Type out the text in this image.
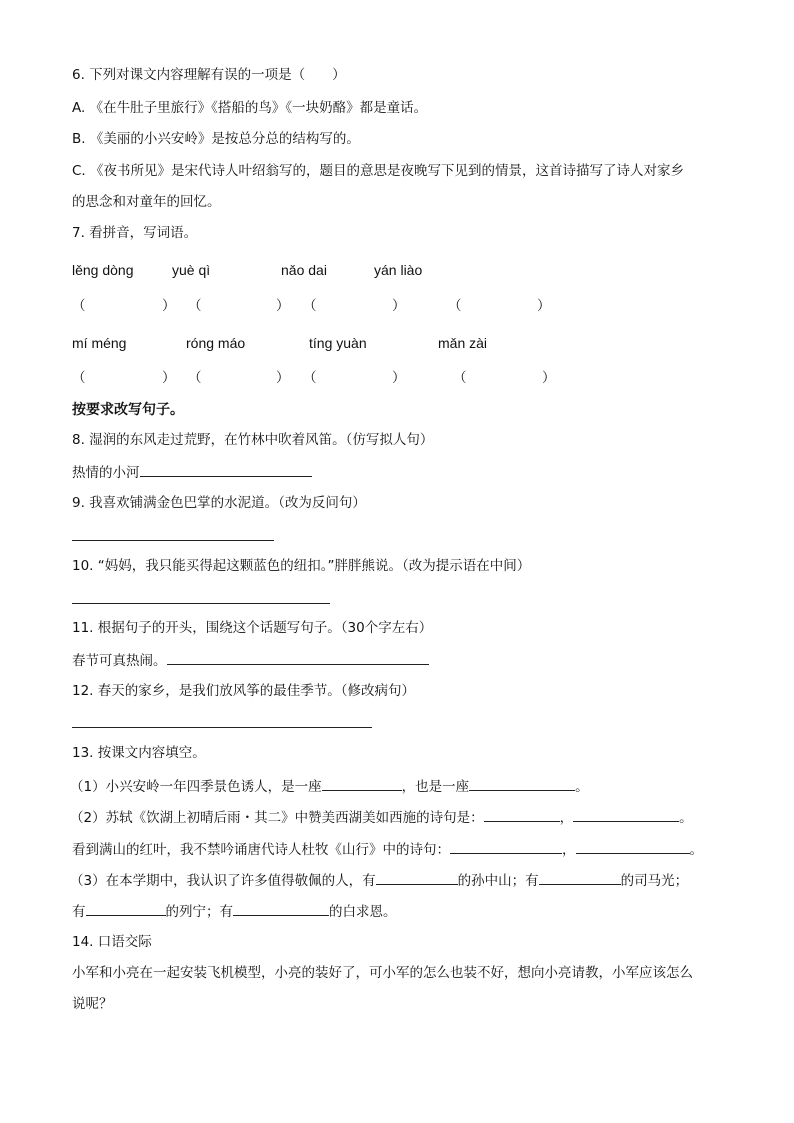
6. 下列对课文内容理解有误的一项是（　　）
A. 《在牛肚子里旅行》《搭船的鸟》《一块奶酪》都是童话。
B. 《美丽的小兴安岭》是按总分总的结构写的。
C. 《夜书所见》是宋代诗人叶绍翁写的，题目的意思是夜晚写下见到的情景，这首诗描写了诗人对家乡
的思念和对童年的回忆。
7. 看拼音，写词语。
lěng dòng	yuè qì	nǎo dai	yán liào
（	） （	） （	）	（	）
mí méng	róng máo	tíng yuàn	mǎn zài
（	） （	） （	）	（	）
按要求改写句子。
8. 湿润的东风走过荒野，在竹林中吹着风笛。（仿写拟人句）
热情的小河
9. 我喜欢铺满金色巴掌的水泥道。（改为反问句）
10. “妈妈，我只能买得起这颗蓝色的纽扣。”胖胖熊说。（改为提示语在中间）
11. 根据句子的开头，围绕这个话题写句子。（30个字左右）
春节可真热闹。
12. 春天的家乡，是我们放风筝的最佳季节。（修改病句）
13. 按课文内容填空。
（1）小兴安岭一年四季景色诱人，是一座	，也是一座	。
（2）苏轼《饮湖上初晴后雨・其二》中赞美西湖美如西施的诗句是：	，	。
看到满山的红叶，我不禁吟诵唐代诗人杜牧《山行》中的诗句：	，	。
（3）在本学期中，我认识了许多值得敬佩的人，有	的孙中山；有	的司马光；
有	的列宁；有	的白求恩。
14. 口语交际
小军和小亮在一起安装飞机模型，小亮的装好了，可小军的怎么也装不好，想向小亮请教，小军应该怎么
说呢？
